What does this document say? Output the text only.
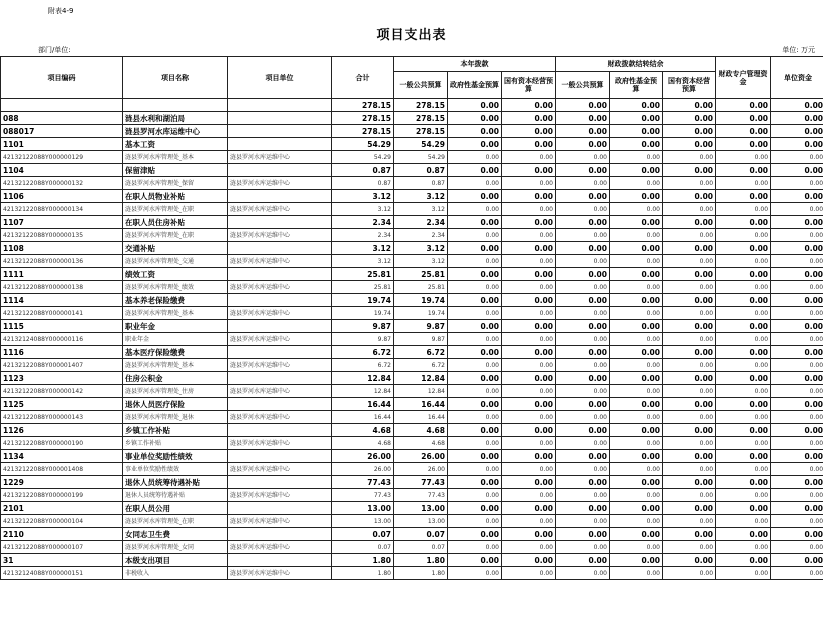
附表4-9
项目支出表
部门/单位:	单位: 万元
项目编码	项目名称	项目单位	合计	本年拨款			财政拨款结转结余			财政专户管理资金	单位资金
				一般公共预算	政府性基金预算	国有资本经营预算	一般公共预算	政府性基金预算	国有资本经营预算		
			278.15	278.15	0.00	0.00	0.00	0.00	0.00	0.00	0.00
088	涟县水利和湖泊局		278.15	278.15	0.00	0.00	0.00	0.00	0.00	0.00	0.00
088017	涟县罗河水库运维中心		278.15	278.15	0.00	0.00	0.00	0.00	0.00	0.00	0.00
1101	基本工资		54.29	54.29	0.00	0.00	0.00	0.00	0.00	0.00	0.00
42132122088Y000000129	涟县罗河水库管理处_基本	涟县罗河水库运维中心	54.29	54.29	0.00	0.00	0.00	0.00	0.00	0.00	0.00
1104	保留津贴		0.87	0.87	0.00	0.00	0.00	0.00	0.00	0.00	0.00
42132122088Y000000132	涟县罗河水库管理处_保留	涟县罗河水库运维中心	0.87	0.87	0.00	0.00	0.00	0.00	0.00	0.00	0.00
1106	在职人员物业补贴		3.12	3.12	0.00	0.00	0.00	0.00	0.00	0.00	0.00
42132122088Y000000134	涟县罗河水库管理处_在职	涟县罗河水库运维中心	3.12	3.12	0.00	0.00	0.00	0.00	0.00	0.00	0.00
1107	在职人员住房补贴		2.34	2.34	0.00	0.00	0.00	0.00	0.00	0.00	0.00
42132122088Y000000135	涟县罗河水库管理处_在职	涟县罗河水库运维中心	2.34	2.34	0.00	0.00	0.00	0.00	0.00	0.00	0.00
1108	交通补贴		3.12	3.12	0.00	0.00	0.00	0.00	0.00	0.00	0.00
42132122088Y000000136	涟县罗河水库管理处_交通	涟县罗河水库运维中心	3.12	3.12	0.00	0.00	0.00	0.00	0.00	0.00	0.00
1111	绩效工资		25.81	25.81	0.00	0.00	0.00	0.00	0.00	0.00	0.00
42132122088Y000000138	涟县罗河水库管理处_绩效	涟县罗河水库运维中心	25.81	25.81	0.00	0.00	0.00	0.00	0.00	0.00	0.00
1114	基本养老保险缴费		19.74	19.74	0.00	0.00	0.00	0.00	0.00	0.00	0.00
42132122088Y000000141	涟县罗河水库管理处_基本	涟县罗河水库运维中心	19.74	19.74	0.00	0.00	0.00	0.00	0.00	0.00	0.00
1115	职业年金		9.87	9.87	0.00	0.00	0.00	0.00	0.00	0.00	0.00
42132124088Y000000116	职业年金	涟县罗河水库运维中心	9.87	9.87	0.00	0.00	0.00	0.00	0.00	0.00	0.00
1116	基本医疗保险缴费		6.72	6.72	0.00	0.00	0.00	0.00	0.00	0.00	0.00
42132122088Y000001407	涟县罗河水库管理处_基本	涟县罗河水库运维中心	6.72	6.72	0.00	0.00	0.00	0.00	0.00	0.00	0.00
1123	住房公积金		12.84	12.84	0.00	0.00	0.00	0.00	0.00	0.00	0.00
42132122088Y000000142	涟县罗河水库管理处_住房	涟县罗河水库运维中心	12.84	12.84	0.00	0.00	0.00	0.00	0.00	0.00	0.00
1125	退休人员医疗保险		16.44	16.44	0.00	0.00	0.00	0.00	0.00	0.00	0.00
42132122088Y000000143	涟县罗河水库管理处_退休	涟县罗河水库运维中心	16.44	16.44	0.00	0.00	0.00	0.00	0.00	0.00	0.00
1126	乡镇工作补贴		4.68	4.68	0.00	0.00	0.00	0.00	0.00	0.00	0.00
42132122088Y000000190	乡镇工作补贴	涟县罗河水库运维中心	4.68	4.68	0.00	0.00	0.00	0.00	0.00	0.00	0.00
1134	事业单位奖励性绩效		26.00	26.00	0.00	0.00	0.00	0.00	0.00	0.00	0.00
42132122088Y000001408	事业单位奖励性绩效	涟县罗河水库运维中心	26.00	26.00	0.00	0.00	0.00	0.00	0.00	0.00	0.00
1229	退休人员统筹待遇补贴		77.43	77.43	0.00	0.00	0.00	0.00	0.00	0.00	0.00
42132122088Y000000199	退休人员统筹待遇补贴	涟县罗河水库运维中心	77.43	77.43	0.00	0.00	0.00	0.00	0.00	0.00	0.00
2101	在职人员公用		13.00	13.00	0.00	0.00	0.00	0.00	0.00	0.00	0.00
42132122088Y000000104	涟县罗河水库管理处_在职	涟县罗河水库运维中心	13.00	13.00	0.00	0.00	0.00	0.00	0.00	0.00	0.00
2110	女同志卫生费		0.07	0.07	0.00	0.00	0.00	0.00	0.00	0.00	0.00
42132122088Y000000107	涟县罗河水库管理处_女同	涟县罗河水库运维中心	0.07	0.07	0.00	0.00	0.00	0.00	0.00	0.00	0.00
31	本级支出项目		1.80	1.80	0.00	0.00	0.00	0.00	0.00	0.00	0.00
42132124088Y000000151	非税收入	涟县罗河水库运维中心	1.80	1.80	0.00	0.00	0.00	0.00	0.00	0.00	0.00
